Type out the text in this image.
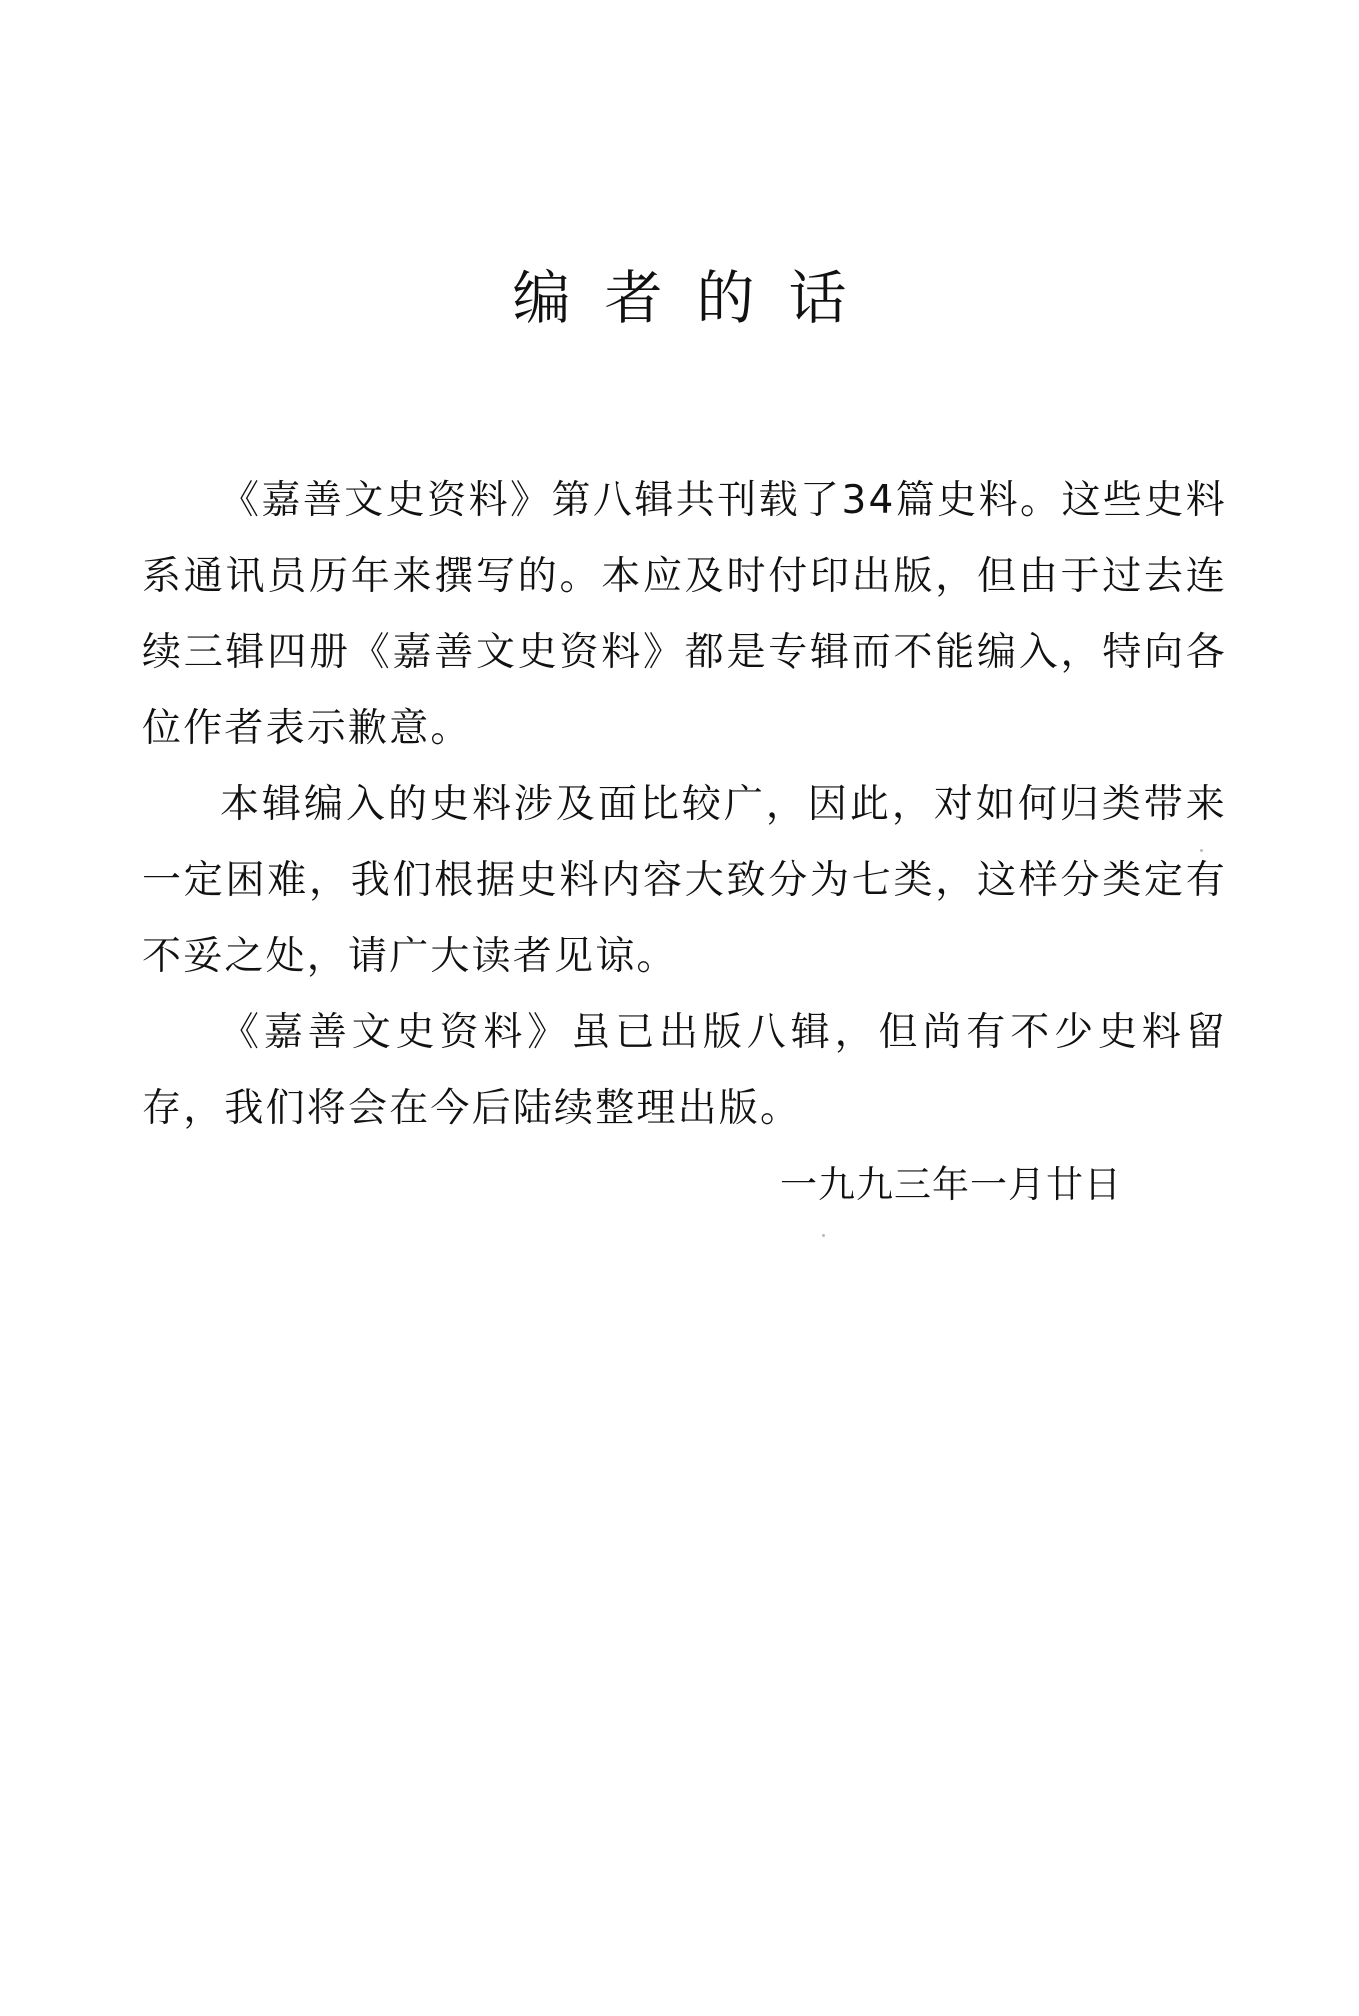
编者的话

《嘉善文史资料》第八辑共刊载了34篇史料。这些史料系通讯员历年来撰写的。本应及时付印出版，但由于过去连续三辑四册《嘉善文史资料》都是专辑而不能编入，特向各位作者表示歉意。

本辑编入的史料涉及面比较广，因此，对如何归类带来一定困难，我们根据史料内容大致分为七类，这样分类定有不妥之处，请广大读者见谅。

《嘉善文史资料》虽已出版八辑，但尚有不少史料留存，我们将会在今后陆续整理出版。

一九九三年一月廿日
